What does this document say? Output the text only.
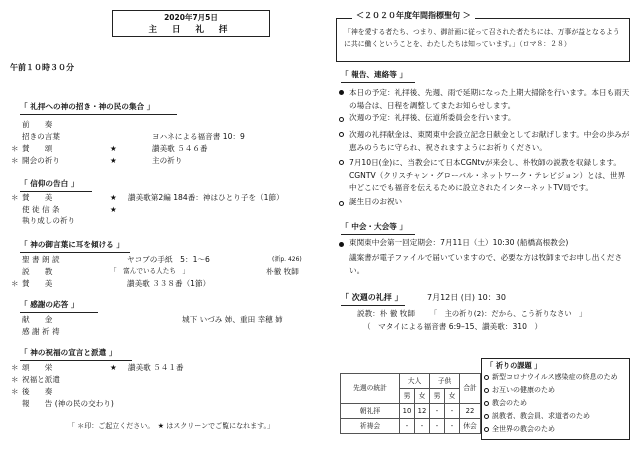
2020年7月5日
主 日 礼 拝
午前１０時３０分
「 礼拝への神の招き・神の民の集合 」
前　　奏
招きの言葉	ヨハネによる福音書 10：9
＊ 賛　　頌	★	讃美歌 ５４６番
＊ 開会の祈り	★	主の祈り
「 信仰の告白 」
＊ 賛　　美	★ 讃美歌第2編 184番：神はひとり子を（1節）
使 徒 信 条	★
執り成しの祈り
「 神の御言葉に耳を傾ける 」
聖 書 朗 読	ヤコブの手紙　5：1～6	(新p. 426)
説　　教	「　富んでいる人たち　」	朴徹 牧師
＊ 賛　　美	讃美歌 ３３８番（1節）
「 感謝の応答 」
献　　金	城下 いづみ 姉、重田 幸穂 姉
感 謝 祈 祷
「 神の祝福の宣言と派遣 」
＊ 頌　　栄	★ 讃美歌 ５４１番
＊ 祝福と派遣
＊ 後　　奏
報　　告 (神の民の交わり)
「 ＊印：ご起立ください。　★ はスクリーンでご覧になれます。」
＜２０２０年度年間指標聖句 ＞
「神を愛する者たち、つまり、御計画に従って召された者たちには、万事が益となるように共に働くということを、わたしたちは知っています。」（ロマ８：２８）
「 報告、連絡等 」
本日の予定：礼拝後、先週、雨で延期になった上期大掃除を行います。本日も雨天の場合は、日程を調整してまたお知らせします。
次週の予定：礼拝後、伝道所委員会を行います。
次週の礼拝献金は、東関東中会設立記念日献金としてお献げします。中会の歩みが恵みのうちに守られ、祝されますようにお祈りください。
7月10日(金)に、当教会にて日本CGNtvが来会し、朴牧師の説教を収録します。CGNTV（クリスチャン・グローバル・ネットワーク・テレビジョン）とは、世界中どこにでも福音を伝えるために設立されたインターネットTV局です。
誕生日のお祝い
「 中会・大会等 」
東関東中会第一回定期会：7月11日（土）10:30 (船橋高根教会)
議案書が電子ファイルで届いていますので、必要な方は牧師までお申し出ください。
「 次週の礼拝 」	7月12日 (日) 10：30
説教：朴 徹 牧師 「　主の祈り(2)：だから、こう祈りなさい　」
（　マタイによる福音書 6:9–15、讃美歌：310　）
先週の統計	大人		子供		合計
	男	女	男	女	
朝礼拝	10	12	-	-	22
祈祷会	-	-	-	-	休会
「 祈りの課題 」
新型コロナウイルス感染症の終息のため
お互いの健康のため
教会のため
説教者、教会員、求道者のため
全世界の教会のため
